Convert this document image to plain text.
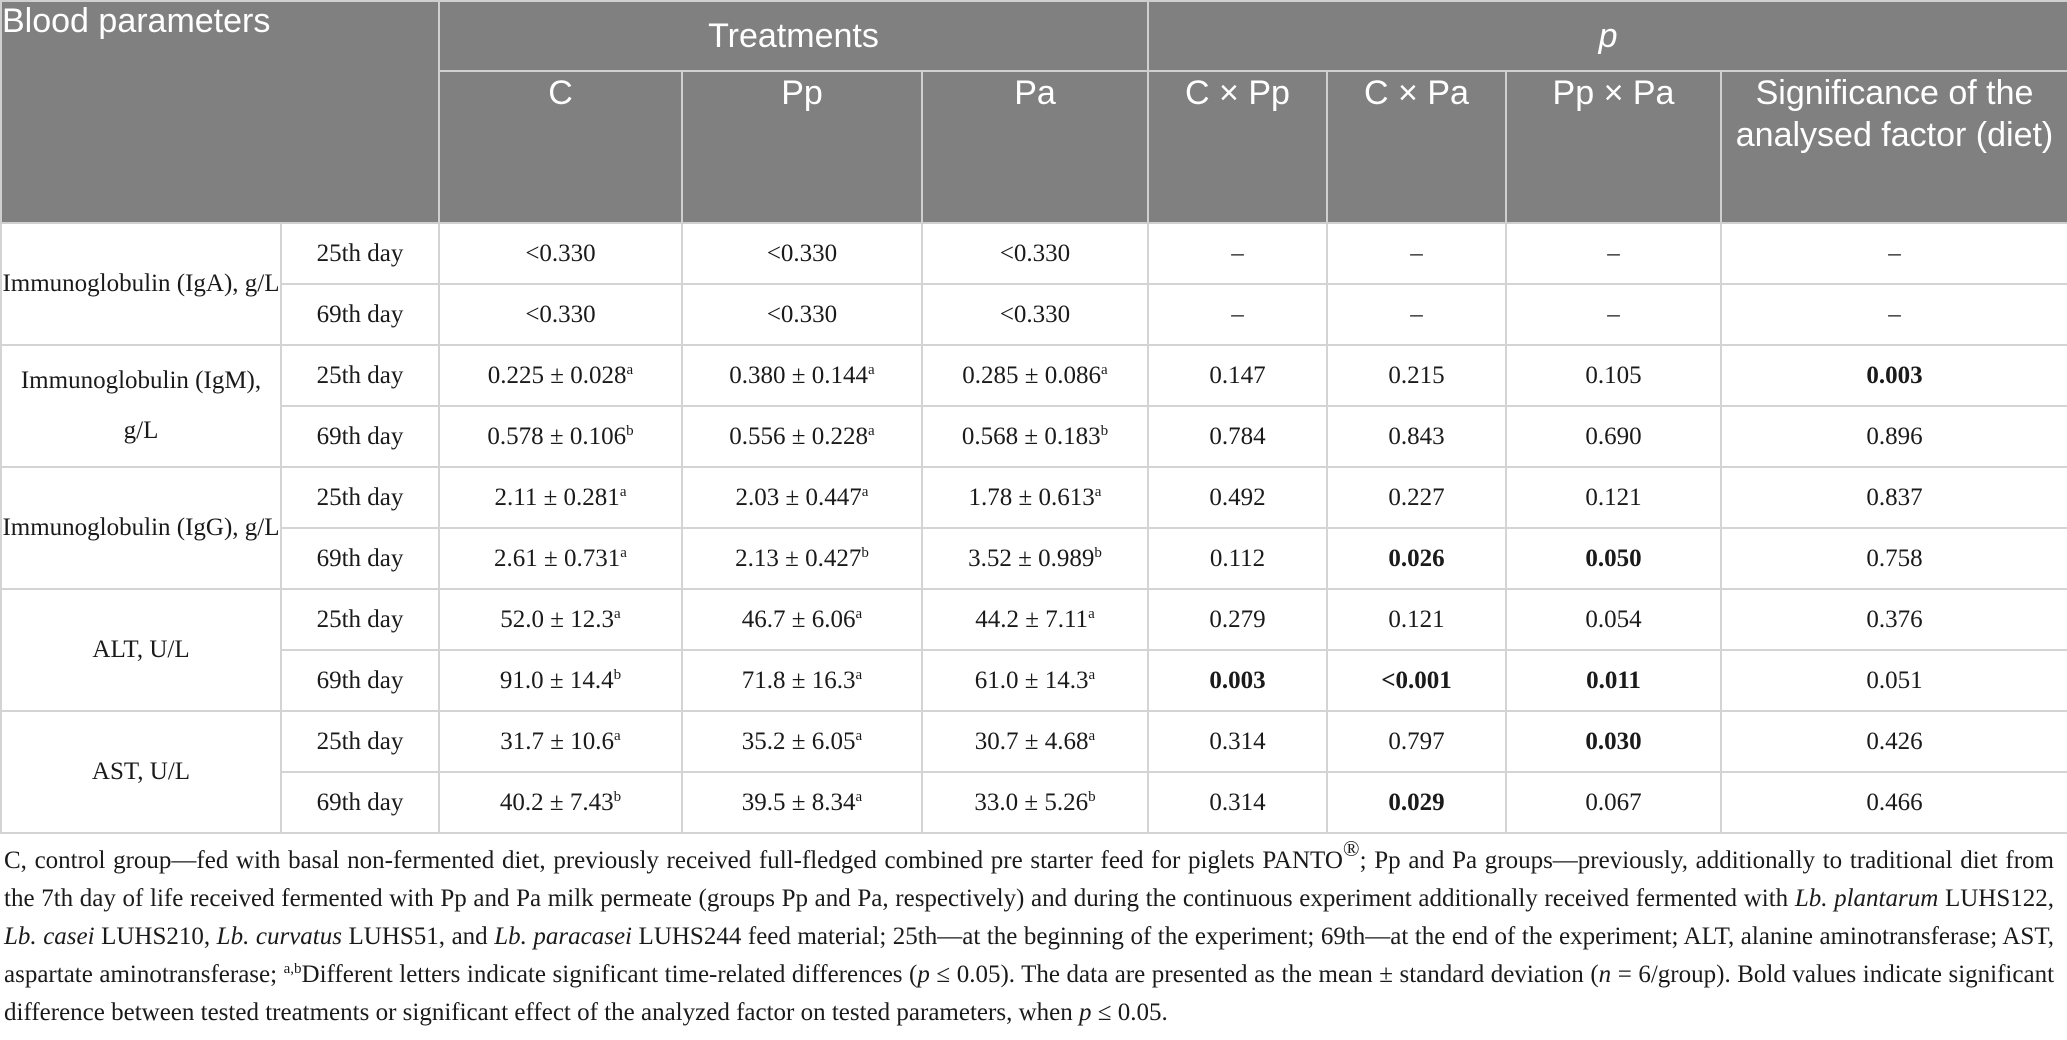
Blood parameters		Treatments			p			
		C	Pp	Pa	C × Pp	C × Pa	Pp × Pa	Significance of the analysed factor (diet)
Immunoglobulin (IgA), g/L	25th day	<0.330	<0.330	<0.330	–	–	–	–
	69th day	<0.330	<0.330	<0.330	–	–	–	–
Immunoglobulin (IgM), g/L	25th day	0.225 ± 0.028$^a$	0.380 ± 0.144$^a$	0.285 ± 0.086$^a$	0.147	0.215	0.105	0.003
	69th day	0.578 ± 0.106$^b$	0.556 ± 0.228$^a$	0.568 ± 0.183$^b$	0.784	0.843	0.690	0.896
Immunoglobulin (IgG), g/L	25th day	2.11 ± 0.281$^a$	2.03 ± 0.447$^a$	1.78 ± 0.613$^a$	0.492	0.227	0.121	0.837
	69th day	2.61 ± 0.731$^a$	2.13 ± 0.427$^b$	3.52 ± 0.989$^b$	0.112	0.026	0.050	0.758
ALT, U/L	25th day	52.0 ± 12.3$^a$	46.7 ± 6.06$^a$	44.2 ± 7.11$^a$	0.279	0.121	0.054	0.376
	69th day	91.0 ± 14.4$^b$	71.8 ± 16.3$^a$	61.0 ± 14.3$^a$	0.003	<0.001	0.011	0.051
AST, U/L	25th day	31.7 ± 10.6$^a$	35.2 ± 6.05$^a$	30.7 ± 4.68$^a$	0.314	0.797	0.030	0.426
	69th day	40.2 ± 7.43$^b$	39.5 ± 8.34$^a$	33.0 ± 5.26$^b$	0.314	0.029	0.067	0.466
C, control group—fed with basal non-fermented diet, previously received full-fledged combined pre starter feed for piglets PANTO®; Pp and Pa groups—previously, additionally to traditional diet from the 7th day of life received fermented with Pp and Pa milk permeate (groups Pp and Pa, respectively) and during the continuous experiment additionally received fermented with Lb. plantarum LUHS122, Lb. casei LUHS210, Lb. curvatus LUHS51, and Lb. paracasei LUHS244 feed material; 25th—at the beginning of the experiment; 69th—at the end of the experiment; ALT, alanine aminotransferase; AST, aspartate aminotransferase; $^{a,b}$Different letters indicate significant time-related differences (p ≤ 0.05). The data are presented as the mean ± standard deviation (n = 6/group). Bold values indicate significant difference between tested treatments or significant effect of the analyzed factor on tested parameters, when p ≤ 0.05.
